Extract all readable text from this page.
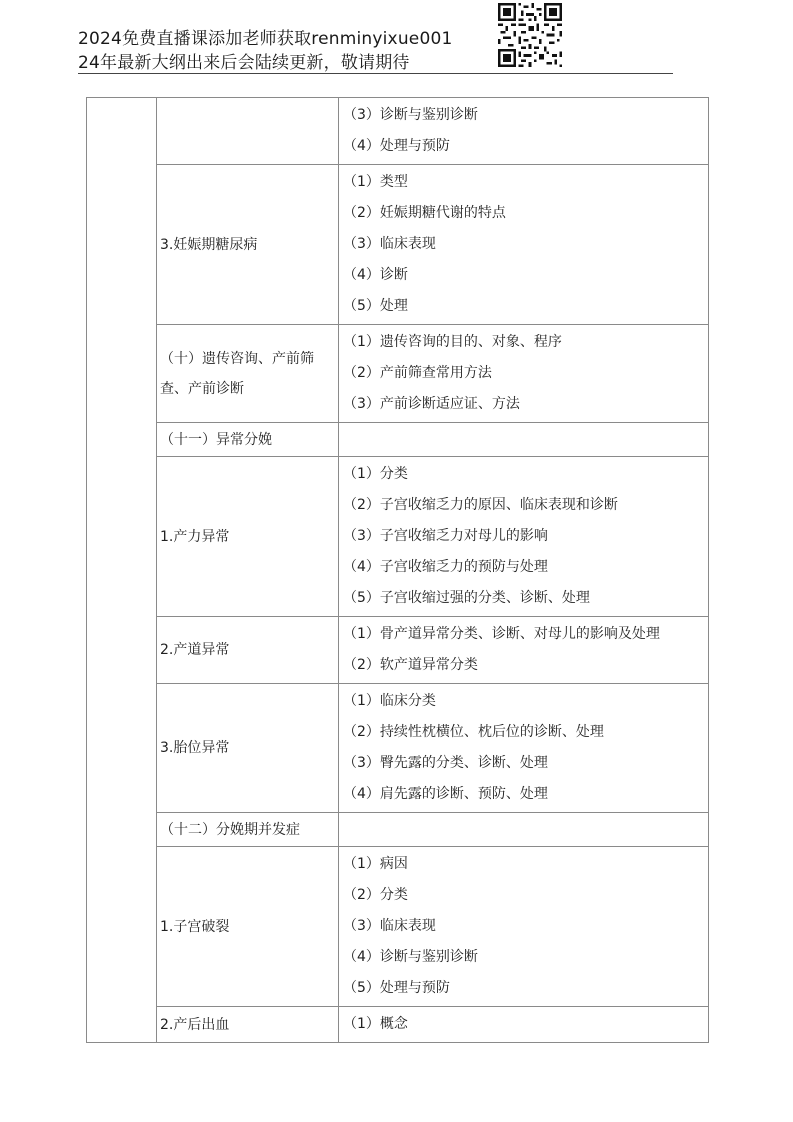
2024免费直播课添加老师获取renminyixue001
24年最新大纲出来后会陆续更新，敬请期待

		（3）诊断与鉴别诊断
（4）处理与预防

	3.妊娠期糖尿病	（1）类型
（2）妊娠期糖代谢的特点
（3）临床表现
（4）诊断
（5）处理

	（十）遗传咨询、产前筛查、产前诊断	（1）遗传咨询的目的、对象、程序
（2）产前筛查常用方法
（3）产前诊断适应证、方法

	（十一）异常分娩	

	1.产力异常	（1）分类
（2）子宫收缩乏力的原因、临床表现和诊断
（3）子宫收缩乏力对母儿的影响
（4）子宫收缩乏力的预防与处理
（5）子宫收缩过强的分类、诊断、处理

	2.产道异常	（1）骨产道异常分类、诊断、对母儿的影响及处理
（2）软产道异常分类

	3.胎位异常	（1）临床分类
（2）持续性枕横位、枕后位的诊断、处理
（3）臀先露的分类、诊断、处理
（4）肩先露的诊断、预防、处理

	（十二）分娩期并发症	

	1.子宫破裂	（1）病因
（2）分类
（3）临床表现
（4）诊断与鉴别诊断
（5）处理与预防

	2.产后出血	（1）概念
